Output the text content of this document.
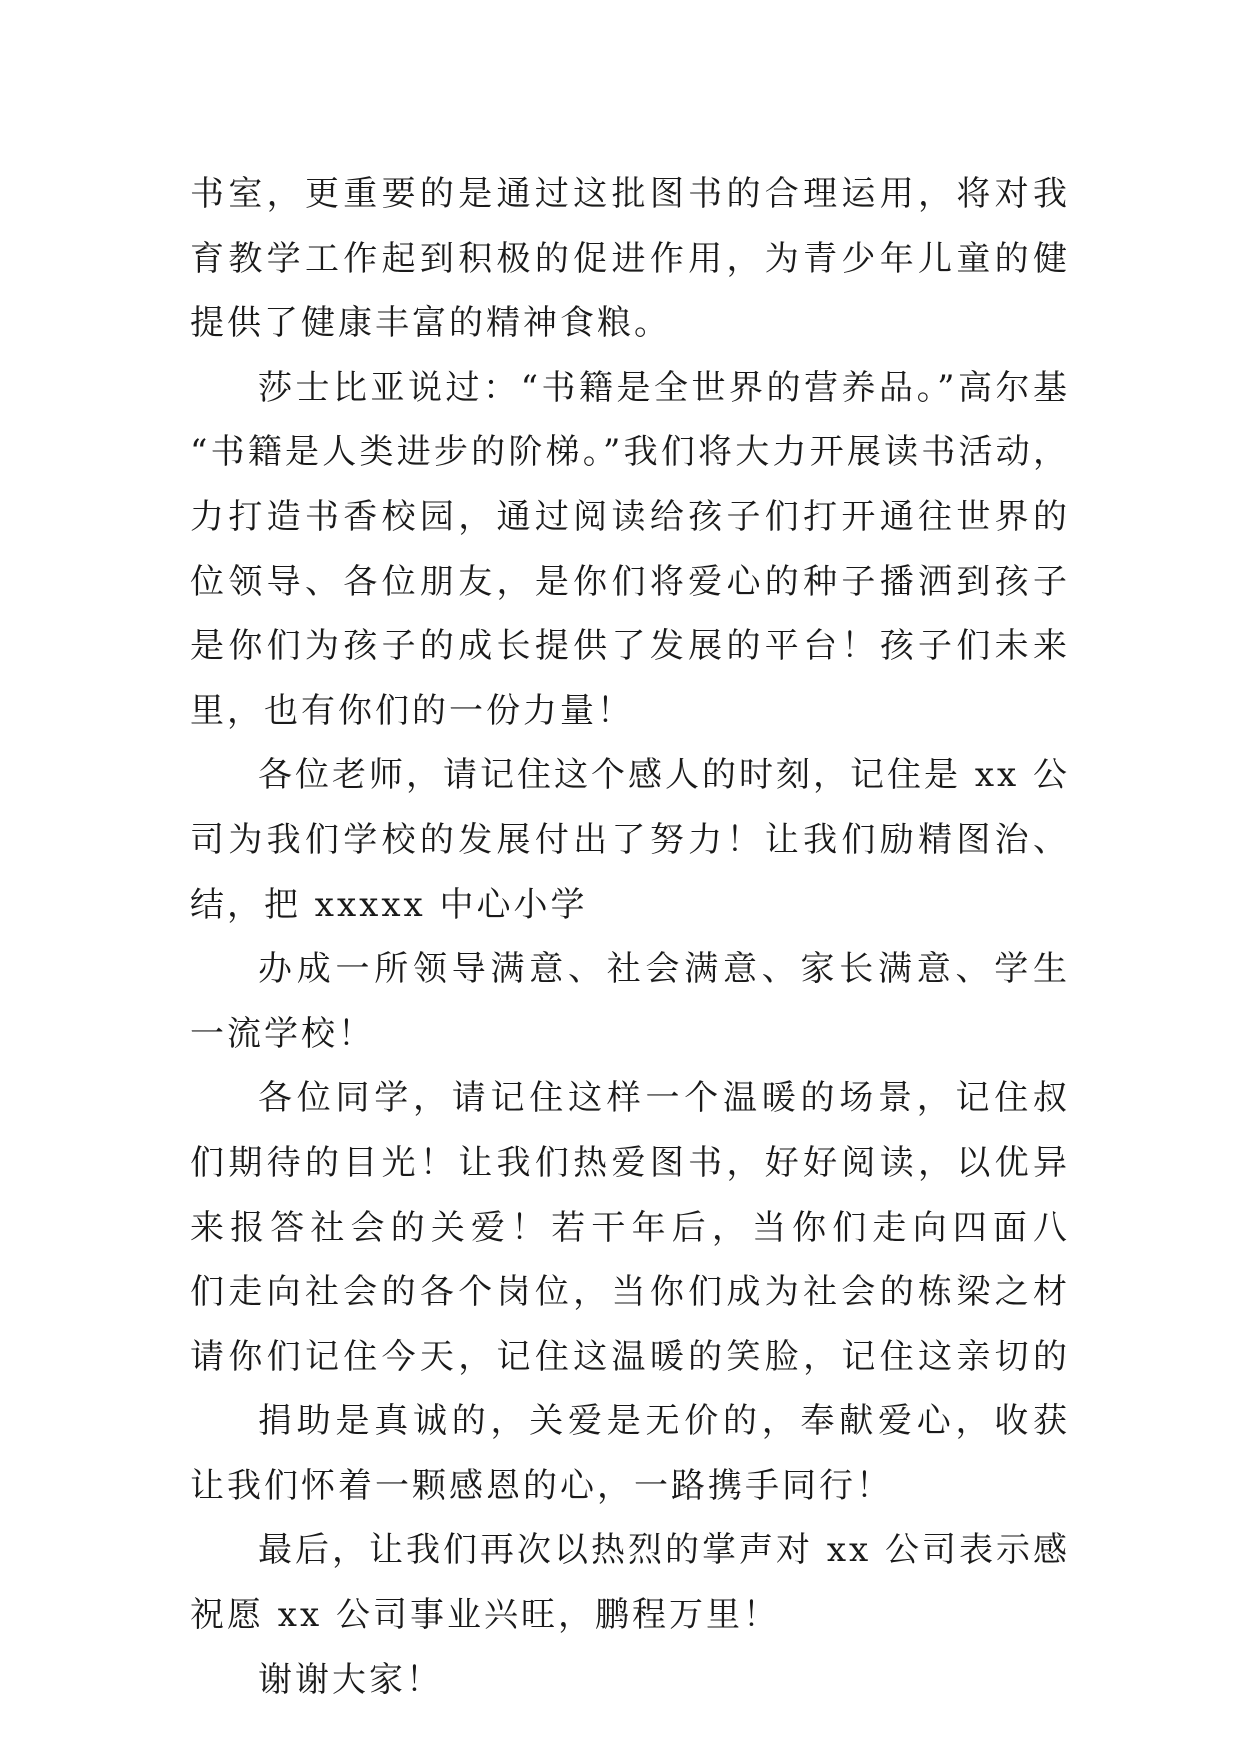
书室，更重要的是通过这批图书的合理运用，将对我
育教学工作起到积极的促进作用，为青少年儿童的健
提供了健康丰富的精神食粮。
莎士比亚说过：“书籍是全世界的营养品。”高尔基
“书籍是人类进步的阶梯。”我们将大力开展读书活动，
力打造书香校园，通过阅读给孩子们打开通往世界的
位领导、各位朋友，是你们将爱心的种子播洒到孩子
是你们为孩子的成长提供了发展的平台！孩子们未来
里，也有你们的一份力量！
各位老师，请记住这个感人的时刻，记住是 xx 公
司为我们学校的发展付出了努力！让我们励精图治、
结，把 xxxxx 中心小学
办成一所领导满意、社会满意、家长满意、学生
一流学校！
各位同学，请记住这样一个温暖的场景，记住叔
们期待的目光！让我们热爱图书，好好阅读，以优异
来报答社会的关爱！若干年后，当你们走向四面八
们走向社会的各个岗位，当你们成为社会的栋梁之材
请你们记住今天，记住这温暖的笑脸，记住这亲切的
捐助是真诚的，关爱是无价的，奉献爱心，收获
让我们怀着一颗感恩的心，一路携手同行！
最后，让我们再次以热烈的掌声对 xx 公司表示感
祝愿 xx 公司事业兴旺，鹏程万里！
谢谢大家！
